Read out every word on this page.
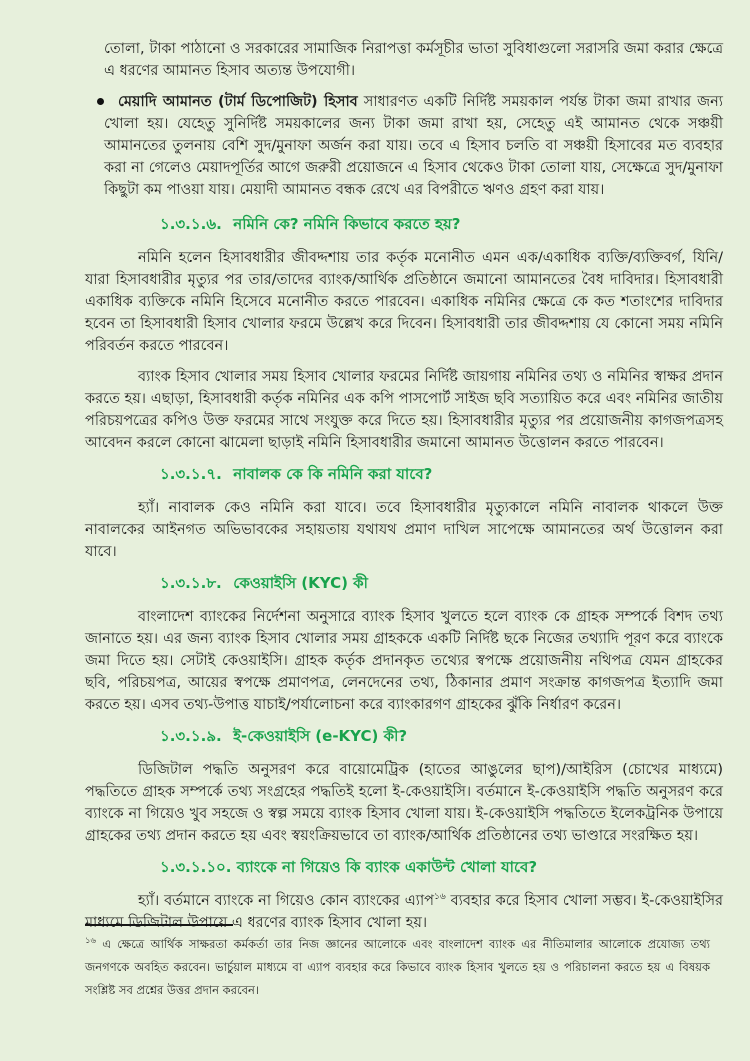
তোলা, টাকা পাঠানো ও সরকারের সামাজিক নিরাপত্তা কর্মসূচীর ভাতা সুবিধাগুলো সরাসরি জমা করার ক্ষেত্রে এ ধরণের আমানত হিসাব অত্যন্ত উপযোগী।

মেয়াদি আমানত (টার্ম ডিপোজিট) হিসাব সাধারণত একটি নির্দিষ্ট সময়কাল পর্যন্ত টাকা জমা রাখার জন্য খোলা হয়। যেহেতু সুনির্দিষ্ট সময়কালের জন্য টাকা জমা রাখা হয়, সেহেতু এই আমানত থেকে সঞ্চয়ী আমানতের তুলনায় বেশি সুদ/মুনাফা অর্জন করা যায়। তবে এ হিসাব চলতি বা সঞ্চয়ী হিসাবের মত ব্যবহার করা না গেলেও মেয়াদপূর্তির আগে জরুরী প্রয়োজনে এ হিসাব থেকেও টাকা তোলা যায়, সেক্ষেত্রে সুদ/মুনাফা কিছুটা কম পাওয়া যায়। মেয়াদী আমানত বন্ধক রেখে এর বিপরীতে ঋণও গ্রহণ করা যায়।

১.৩.১.৬. নমিনি কে? নমিনি কিভাবে করতে হয়?

নমিনি হলেন হিসাবধারীর জীবদ্দশায় তার কর্তৃক মনোনীত এমন এক/একাধিক ব্যক্তি/ব্যক্তিবর্গ, যিনি/যারা হিসাবধারীর মৃত্যুর পর তার/তাদের ব্যাংক/আর্থিক প্রতিষ্ঠানে জমানো আমানতের বৈধ দাবিদার। হিসাবধারী একাধিক ব্যক্তিকে নমিনি হিসেবে মনোনীত করতে পারবেন। একাধিক নমিনির ক্ষেত্রে কে কত শতাংশের দাবিদার হবেন তা হিসাবধারী হিসাব খোলার ফরমে উল্লেখ করে দিবেন। হিসাবধারী তার জীবদ্দশায় যে কোনো সময় নমিনি পরিবর্তন করতে পারবেন।

ব্যাংক হিসাব খোলার সময় হিসাব খোলার ফরমের নির্দিষ্ট জায়গায় নমিনির তথ্য ও নমিনির স্বাক্ষর প্রদান করতে হয়। এছাড়া, হিসাবধারী কর্তৃক নমিনির এক কপি পাসপোর্ট সাইজ ছবি সত্যায়িত করে এবং নমিনির জাতীয় পরিচয়পত্রের কপিও উক্ত ফরমের সাথে সংযুক্ত করে দিতে হয়। হিসাবধারীর মৃত্যুর পর প্রয়োজনীয় কাগজপত্রসহ আবেদন করলে কোনো ঝামেলা ছাড়াই নমিনি হিসাবধারীর জমানো আমানত উত্তোলন করতে পারবেন।

১.৩.১.৭. নাবালক কে কি নমিনি করা যাবে?

হ্যাঁ। নাবালক কেও নমিনি করা যাবে। তবে হিসাবধারীর মৃত্যুকালে নমিনি নাবালক থাকলে উক্ত নাবালকের আইনগত অভিভাবকের সহায়তায় যথাযথ প্রমাণ দাখিল সাপেক্ষে আমানতের অর্থ উত্তোলন করা যাবে।

১.৩.১.৮. কেওয়াইসি (KYC) কী

বাংলাদেশ ব্যাংকের নির্দেশনা অনুসারে ব্যাংক হিসাব খুলতে হলে ব্যাংক কে গ্রাহক সম্পর্কে বিশদ তথ্য জানাতে হয়। এর জন্য ব্যাংক হিসাব খোলার সময় গ্রাহককে একটি নির্দিষ্ট ছকে নিজের তথ্যাদি পূরণ করে ব্যাংকে জমা দিতে হয়। সেটাই কেওয়াইসি। গ্রাহক কর্তৃক প্রদানকৃত তথ্যের স্বপক্ষে প্রয়োজনীয় নথিপত্র যেমন গ্রাহকের ছবি, পরিচয়পত্র, আয়ের স্বপক্ষে প্রমাণপত্র, লেনদেনের তথ্য, ঠিকানার প্রমাণ সংক্রান্ত কাগজপত্র ইত্যাদি জমা করতে হয়। এসব তথ্য-উপাত্ত যাচাই/পর্যালোচনা করে ব্যাংকারগণ গ্রাহকের ঝুঁকি নির্ধারণ করেন।

১.৩.১.৯. ই-কেওয়াইসি (e-KYC) কী?

ডিজিটাল পদ্ধতি অনুসরণ করে বায়োমেট্রিক (হাতের আঙুলের ছাপ)/আইরিস (চোখের মাধ্যমে) পদ্ধতিতে গ্রাহক সম্পর্কে তথ্য সংগ্রহের পদ্ধতিই হলো ই-কেওয়াইসি। বর্তমানে ই-কেওয়াইসি পদ্ধতি অনুসরণ করে ব্যাংকে না গিয়েও খুব সহজে ও স্বল্প সময়ে ব্যাংক হিসাব খোলা যায়। ই-কেওয়াইসি পদ্ধতিতে ইলেকট্রনিক উপায়ে গ্রাহকের তথ্য প্রদান করতে হয় এবং স্বয়ংক্রিয়ভাবে তা ব্যাংক/আর্থিক প্রতিষ্ঠানের তথ্য ভাণ্ডারে সংরক্ষিত হয়।

১.৩.১.১০. ব্যাংকে না গিয়েও কি ব্যাংক একাউন্ট খোলা যাবে?

হ্যাঁ। বর্তমানে ব্যাংকে না গিয়েও কোন ব্যাংকের এ্যাপ$^{১৬}$ ব্যবহার করে হিসাব খোলা সম্ভব। ই-কেওয়াইসির মাধ্যমে ডিজিটাল উপায়ে এ ধরণের ব্যাংক হিসাব খোলা হয়।

$^{১৬}$ এ ক্ষেত্রে আর্থিক সাক্ষরতা কর্মকর্তা তার নিজ জ্ঞানের আলোকে এবং বাংলাদেশ ব্যাংক এর নীতিমালার আলোকে প্রযোজ্য তথ্য জনগণকে অবহিত করবেন। ভার্চুয়াল মাধ্যমে বা এ্যাপ ব্যবহার করে কিভাবে ব্যাংক হিসাব খুলতে হয় ও পরিচালনা করতে হয় এ বিষয়ক সংশ্লিষ্ট সব প্রশ্নের উত্তর প্রদান করবেন।
